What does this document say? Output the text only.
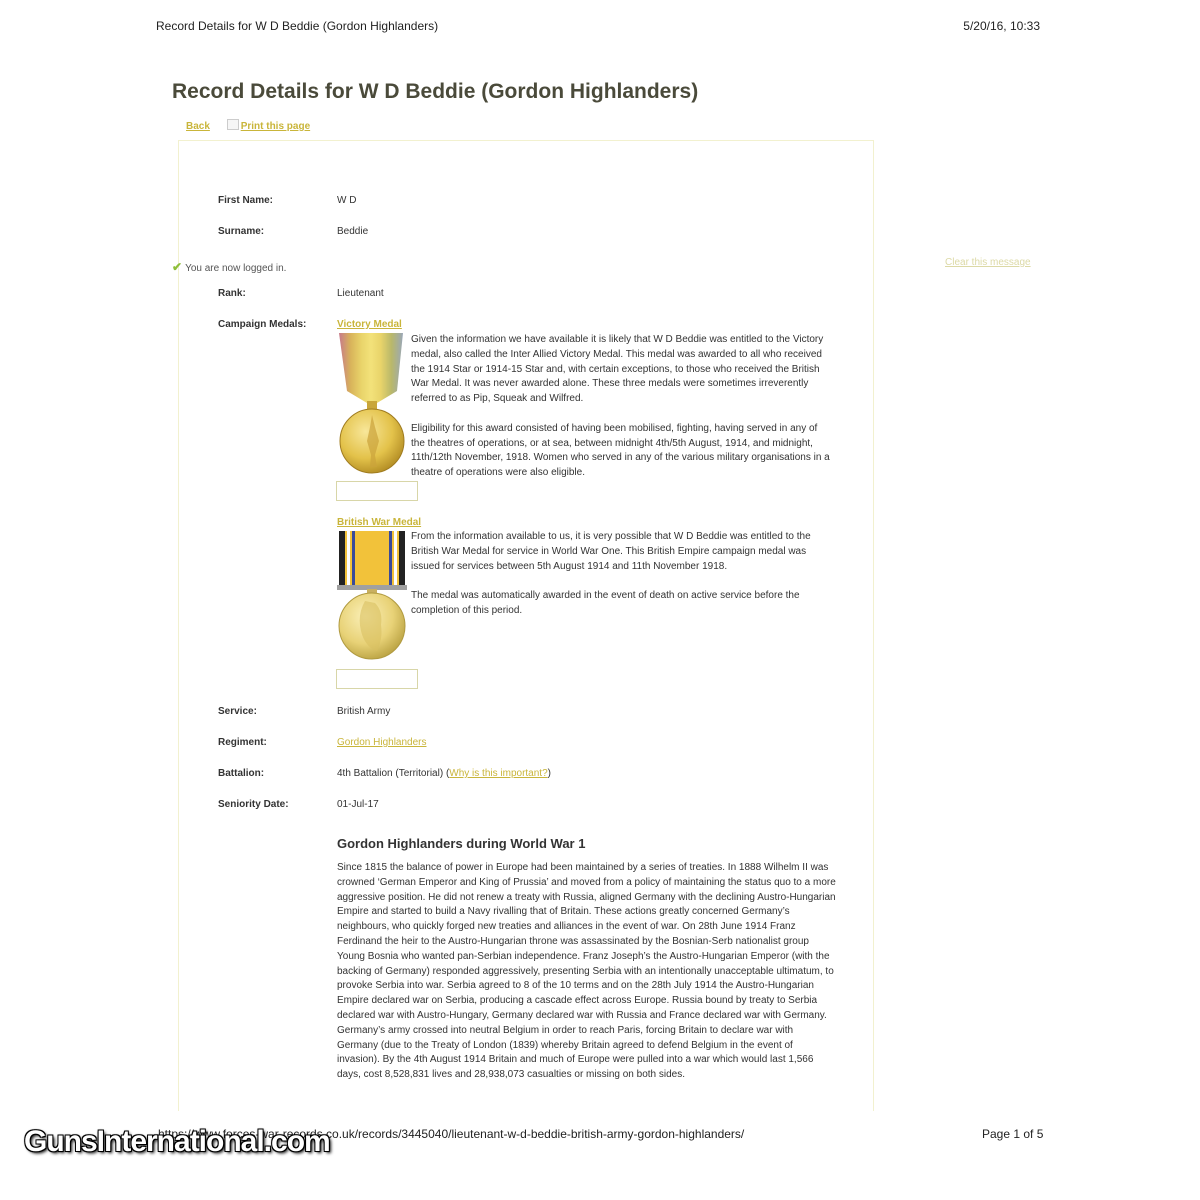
Record Details for W D Beddie (Gordon Highlanders)	5/20/16, 10:33
Record Details for W D Beddie (Gordon Highlanders)
Back	Print this page
First Name:	W D
Surname:	Beddie
✔ You are now logged in.
Clear this message
Rank:	Lieutenant
Campaign Medals:	Victory Medal

Given the information we have available it is likely that W D Beddie was entitled to the Victory medal, also called the Inter Allied Victory Medal. This medal was awarded to all who received the 1914 Star or 1914-15 Star and, with certain exceptions, to those who received the British War Medal. It was never awarded alone. These three medals were sometimes irreverently referred to as Pip, Squeak and Wilfred.

Eligibility for this award consisted of having been mobilised, fighting, having served in any of the theatres of operations, or at sea, between midnight 4th/5th August, 1914, and midnight, 11th/12th November, 1918. Women who served in any of the various military organisations in a theatre of operations were also eligible.

British War Medal

From the information available to us, it is very possible that W D Beddie was entitled to the British War Medal for service in World War One. This British Empire campaign medal was issued for services between 5th August 1914 and 11th November 1918.

The medal was automatically awarded in the event of death on active service before the completion of this period.

Service:	British Army
Regiment:	Gordon Highlanders
Battalion:	4th Battalion (Territorial) (Why is this important?)
Seniority Date:	01-Jul-17
Gordon Highlanders during World War 1
Since 1815 the balance of power in Europe had been maintained by a series of treaties. In 1888 Wilhelm II was crowned ‘German Emperor and King of Prussia’ and moved from a policy of maintaining the status quo to a more aggressive position. He did not renew a treaty with Russia, aligned Germany with the declining Austro-Hungarian Empire and started to build a Navy rivalling that of Britain. These actions greatly concerned Germany’s neighbours, who quickly forged new treaties and alliances in the event of war. On 28th June 1914 Franz Ferdinand the heir to the Austro-Hungarian throne was assassinated by the Bosnian-Serb nationalist group Young Bosnia who wanted pan-Serbian independence. Franz Joseph’s the Austro-Hungarian Emperor (with the backing of Germany) responded aggressively, presenting Serbia with an intentionally unacceptable ultimatum, to provoke Serbia into war. Serbia agreed to 8 of the 10 terms and on the 28th July 1914 the Austro-Hungarian Empire declared war on Serbia, producing a cascade effect across Europe. Russia bound by treaty to Serbia declared war with Austro-Hungary, Germany declared war with Russia and France declared war with Germany. Germany’s army crossed into neutral Belgium in order to reach Paris, forcing Britain to declare war with Germany (due to the Treaty of London (1839) whereby Britain agreed to defend Belgium in the event of invasion). By the 4th August 1914 Britain and much of Europe were pulled into a war which would last 1,566 days, cost 8,528,831 lives and 28,938,073 casualties or missing on both sides.
https://www.forces-war-records.co.uk/records/3445040/lieutenant-w-d-beddie-british-army-gordon-highlanders/	Page 1 of 5
GunsInternational.com
